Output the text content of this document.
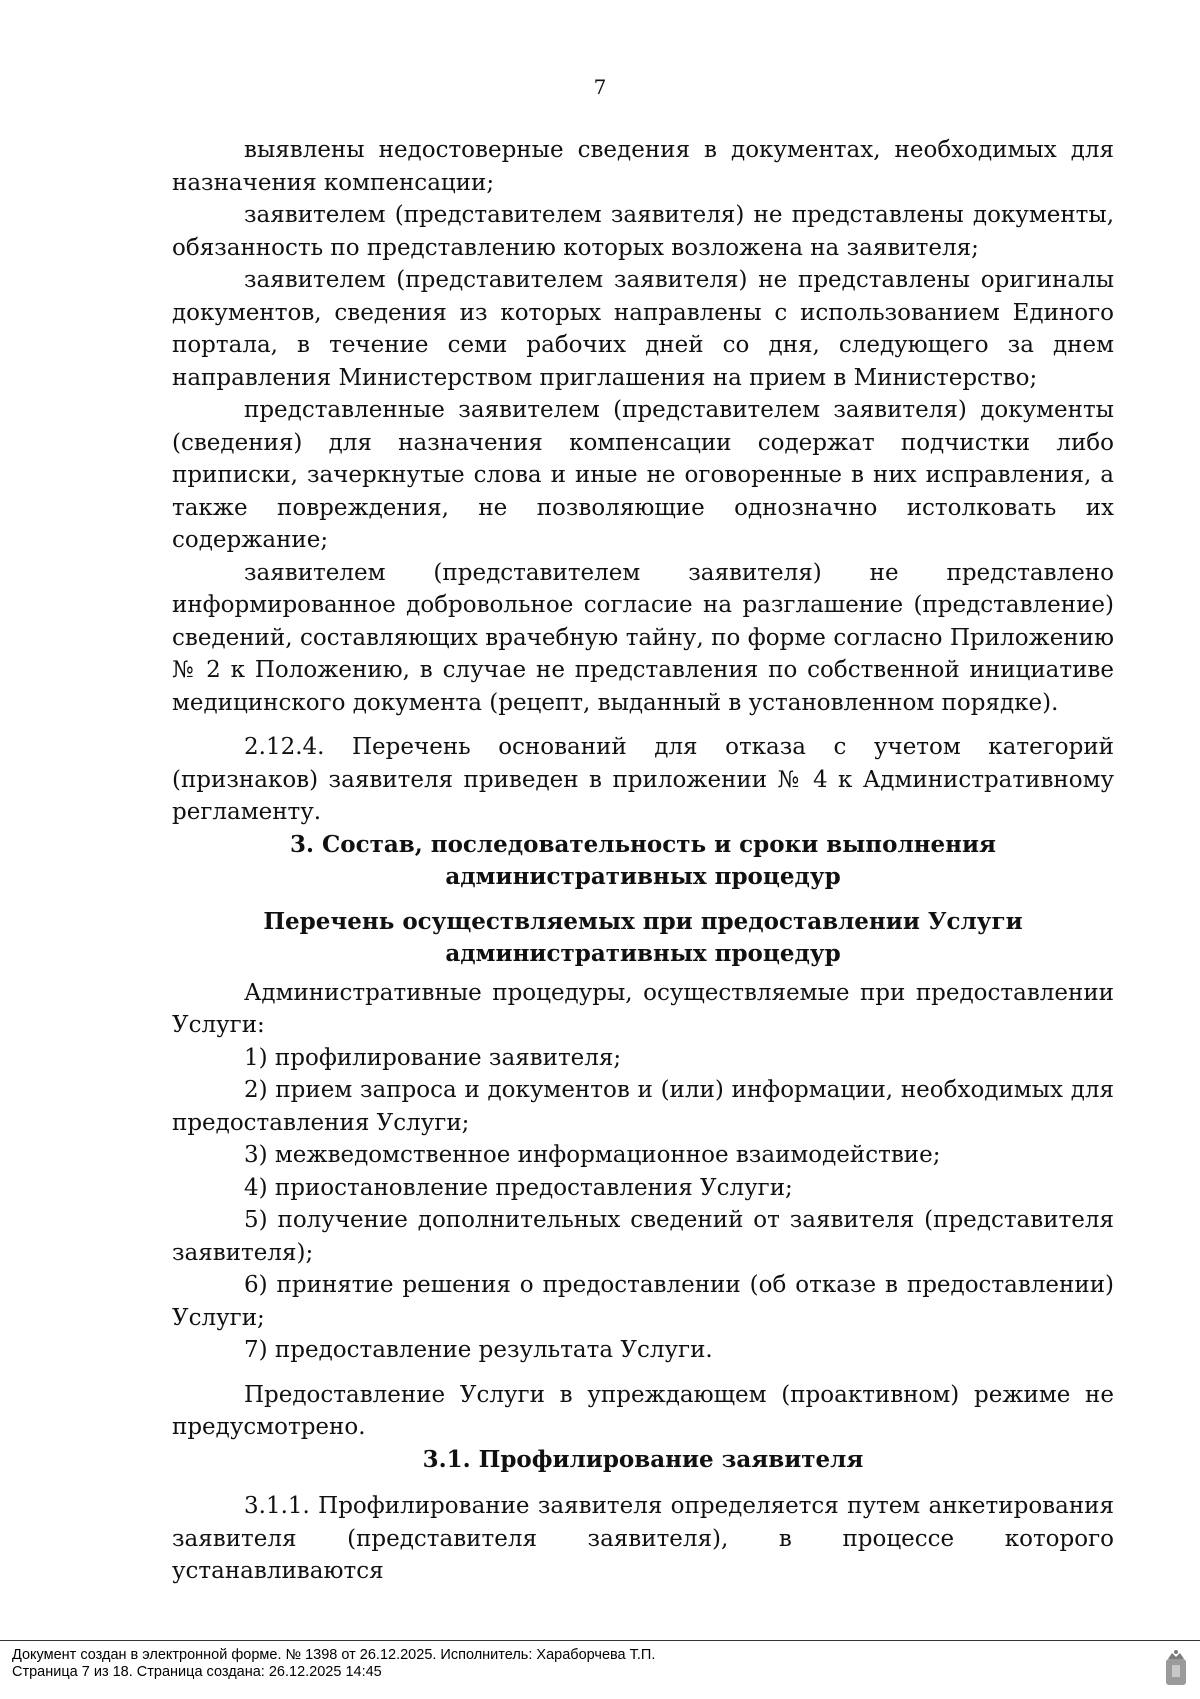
7

выявлены недостоверные сведения в документах, необходимых для назначения компенсации;

заявителем (представителем заявителя) не представлены документы, обязанность по представлению которых возложена на заявителя;

заявителем (представителем заявителя) не представлены оригиналы документов, сведения из которых направлены с использованием Единого портала, в течение семи рабочих дней со дня, следующего за днем направления Министерством приглашения на прием в Министерство;

представленные заявителем (представителем заявителя) документы (сведения) для назначения компенсации содержат подчистки либо приписки, зачеркнутые слова и иные не оговоренные в них исправления, а также повреждения, не позволяющие однозначно истолковать их содержание;

заявителем (представителем заявителя) не представлено информированное добровольное согласие на разглашение (представление) сведений, составляющих врачебную тайну, по форме согласно Приложению № 2 к Положению, в случае не представления по собственной инициативе медицинского документа (рецепт, выданный в установленном порядке).

2.12.4. Перечень оснований для отказа с учетом категорий (признаков) заявителя приведен в приложении № 4 к Административному регламенту.

3. Состав, последовательность и сроки выполнения административных процедур

Перечень осуществляемых при предоставлении Услуги административных процедур

Административные процедуры, осуществляемые при предоставлении Услуги:

1) профилирование заявителя;

2) прием запроса и документов и (или) информации, необходимых для предоставления Услуги;

3) межведомственное информационное взаимодействие;

4) приостановление предоставления Услуги;

5) получение дополнительных сведений от заявителя (представителя заявителя);

6) принятие решения о предоставлении (об отказе в предоставлении) Услуги;

7) предоставление результата Услуги.

Предоставление Услуги в упреждающем (проактивном) режиме не предусмотрено.

3.1. Профилирование заявителя

3.1.1. Профилирование заявителя определяется путем анкетирования заявителя (представителя заявителя), в процессе которого устанавливаются

Документ создан в электронной форме. № 1398 от 26.12.2025. Исполнитель: Хараборчева Т.П.
Страница 7 из 18. Страница создана: 26.12.2025 14:45
